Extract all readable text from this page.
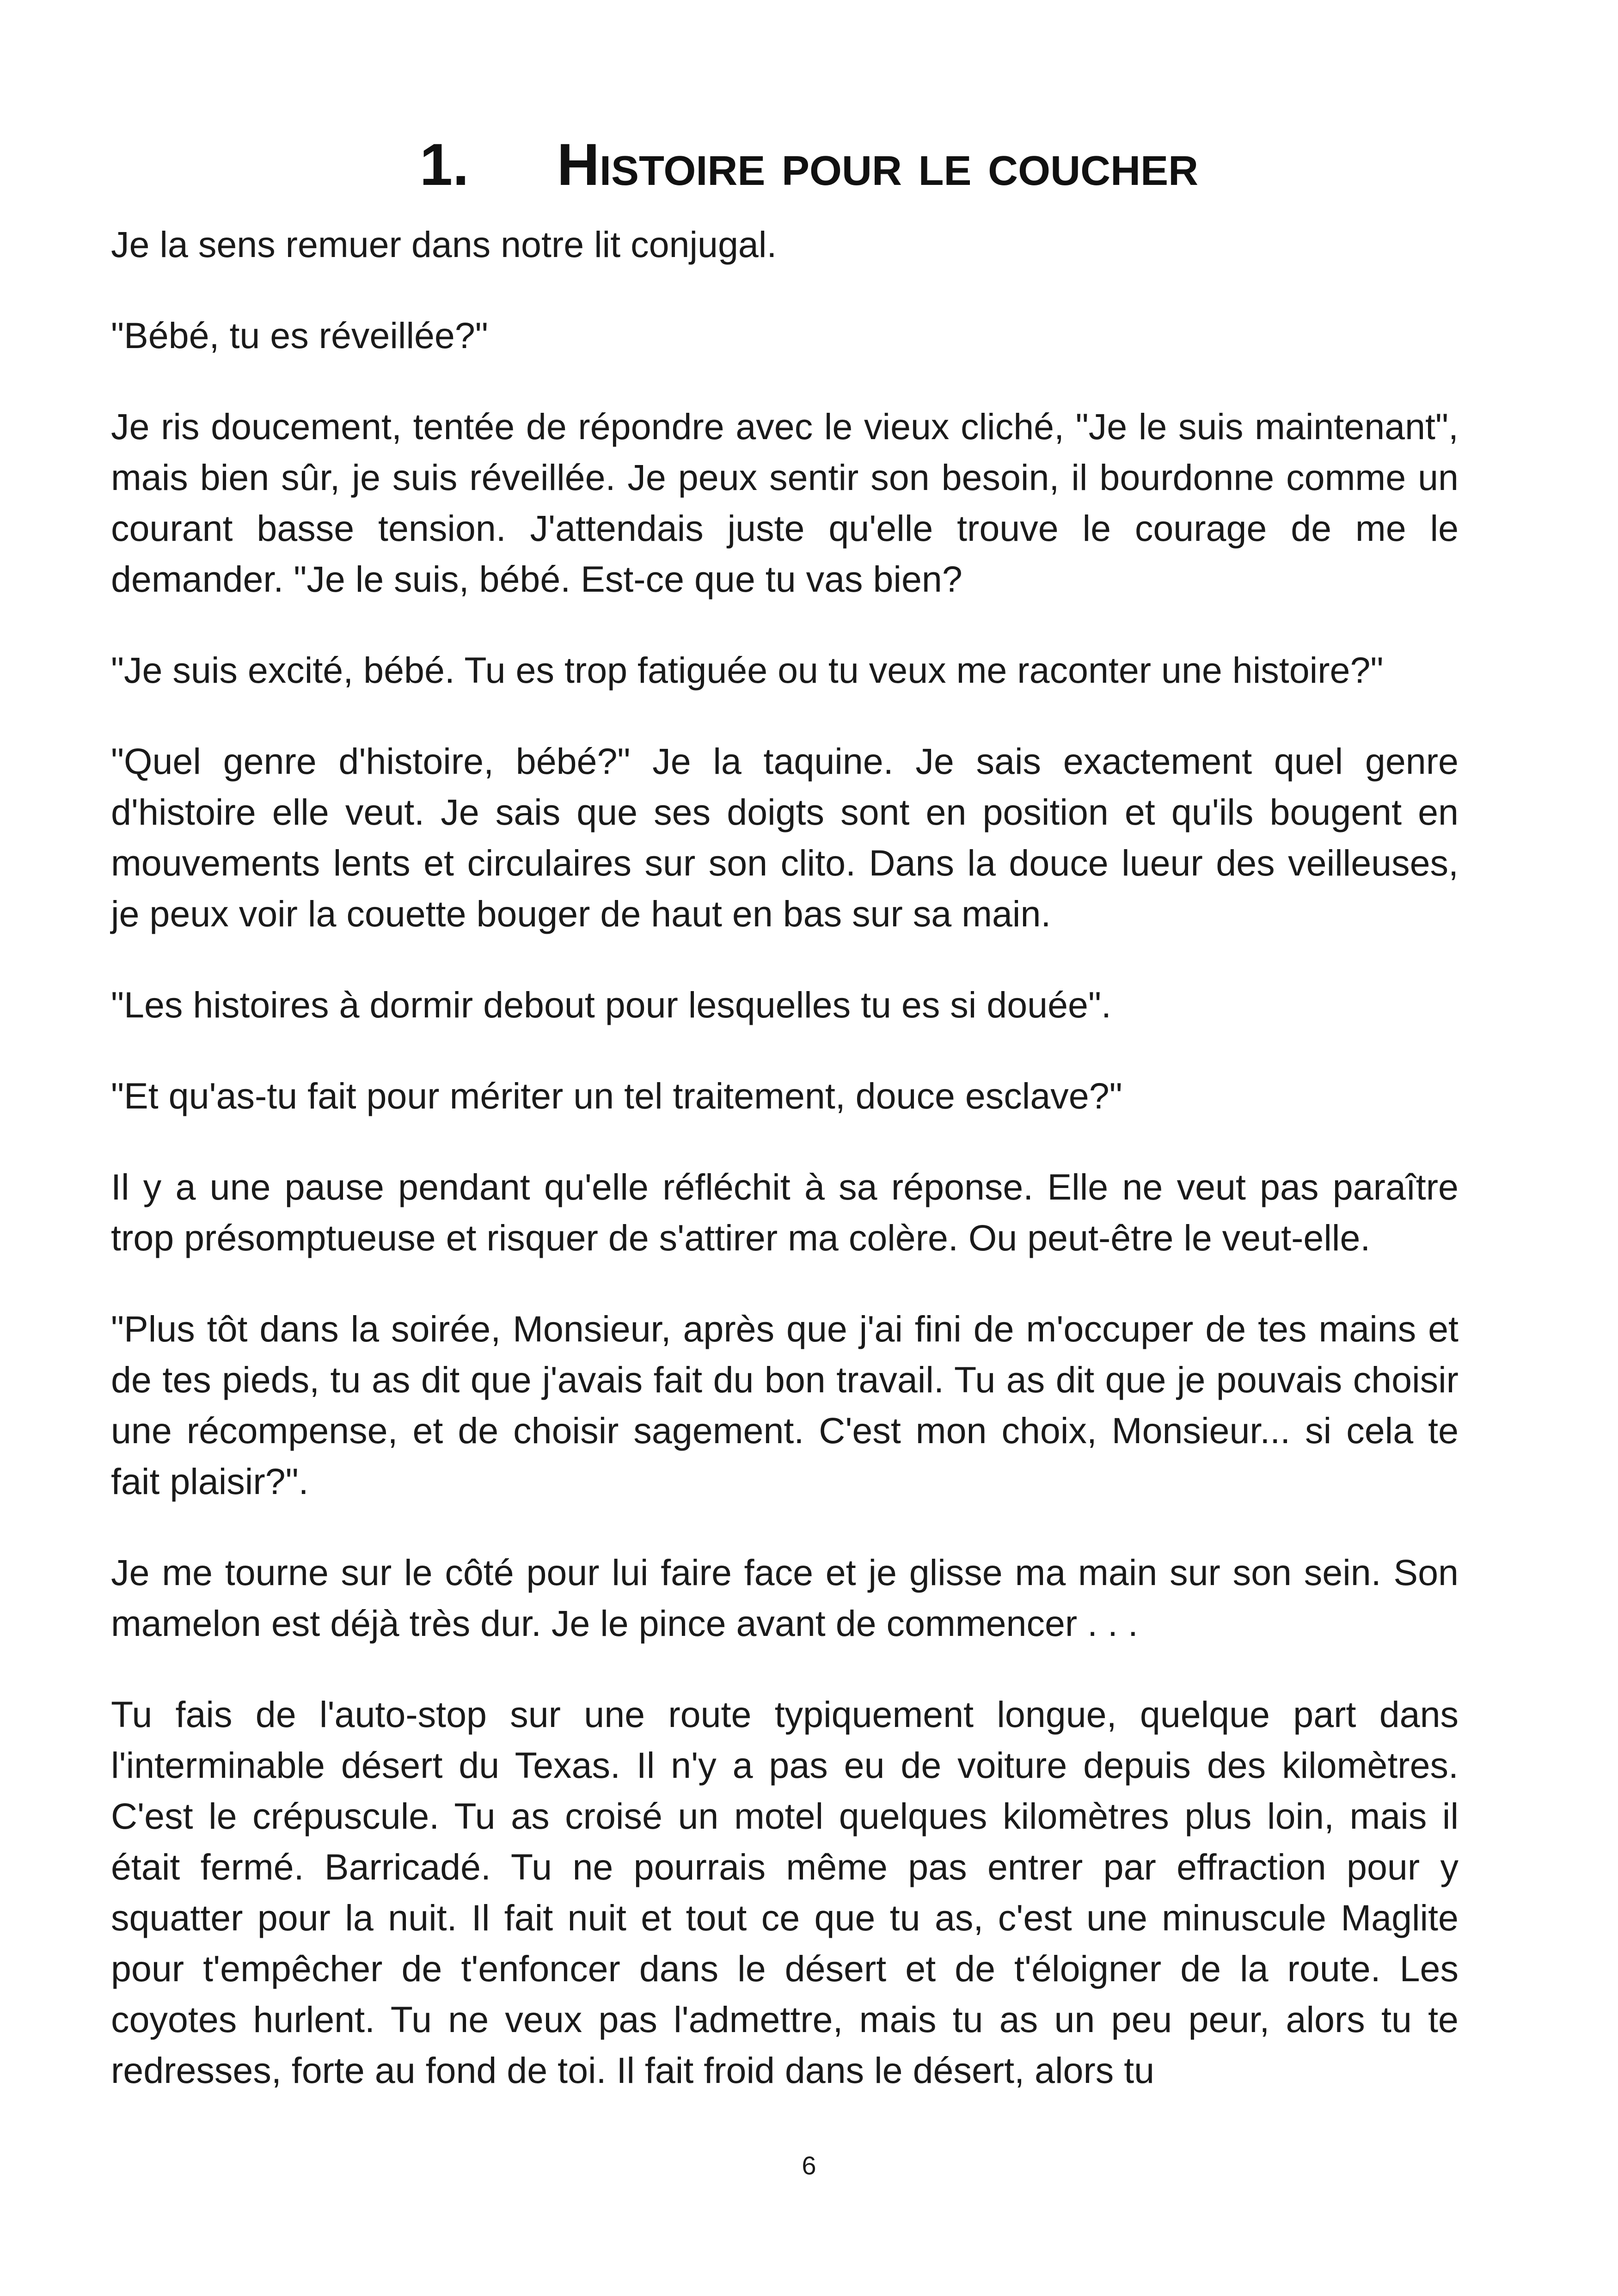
1. Histoire pour le coucher

Je la sens remuer dans notre lit conjugal.

"Bébé, tu es réveillée?"

Je ris doucement, tentée de répondre avec le vieux cliché, "Je le suis maintenant", mais bien sûr, je suis réveillée. Je peux sentir son besoin, il bourdonne comme un courant basse tension. J'attendais juste qu'elle trouve le courage de me le demander. "Je le suis, bébé. Est-ce que tu vas bien?

"Je suis excité, bébé. Tu es trop fatiguée ou tu veux me raconter une histoire?"

"Quel genre d'histoire, bébé?" Je la taquine. Je sais exactement quel genre d'histoire elle veut. Je sais que ses doigts sont en position et qu'ils bougent en mouvements lents et circulaires sur son clito. Dans la douce lueur des veilleuses, je peux voir la couette bouger de haut en bas sur sa main.

"Les histoires à dormir debout pour lesquelles tu es si douée".

"Et qu'as-tu fait pour mériter un tel traitement, douce esclave?"

Il y a une pause pendant qu'elle réfléchit à sa réponse. Elle ne veut pas paraître trop présomptueuse et risquer de s'attirer ma colère. Ou peut-être le veut-elle.

"Plus tôt dans la soirée, Monsieur, après que j'ai fini de m'occuper de tes mains et de tes pieds, tu as dit que j'avais fait du bon travail. Tu as dit que je pouvais choisir une récompense, et de choisir sagement. C'est mon choix, Monsieur... si cela te fait plaisir?".

Je me tourne sur le côté pour lui faire face et je glisse ma main sur son sein. Son mamelon est déjà très dur. Je le pince avant de commencer . . .

Tu fais de l'auto-stop sur une route typiquement longue, quelque part dans l'interminable désert du Texas. Il n'y a pas eu de voiture depuis des kilomètres. C'est le crépuscule. Tu as croisé un motel quelques kilomètres plus loin, mais il était fermé. Barricadé. Tu ne pourrais même pas entrer par effraction pour y squatter pour la nuit. Il fait nuit et tout ce que tu as, c'est une minuscule Maglite pour t'empêcher de t'enfoncer dans le désert et de t'éloigner de la route. Les coyotes hurlent. Tu ne veux pas l'admettre, mais tu as un peu peur, alors tu te redresses, forte au fond de toi. Il fait froid dans le désert, alors tu

6
